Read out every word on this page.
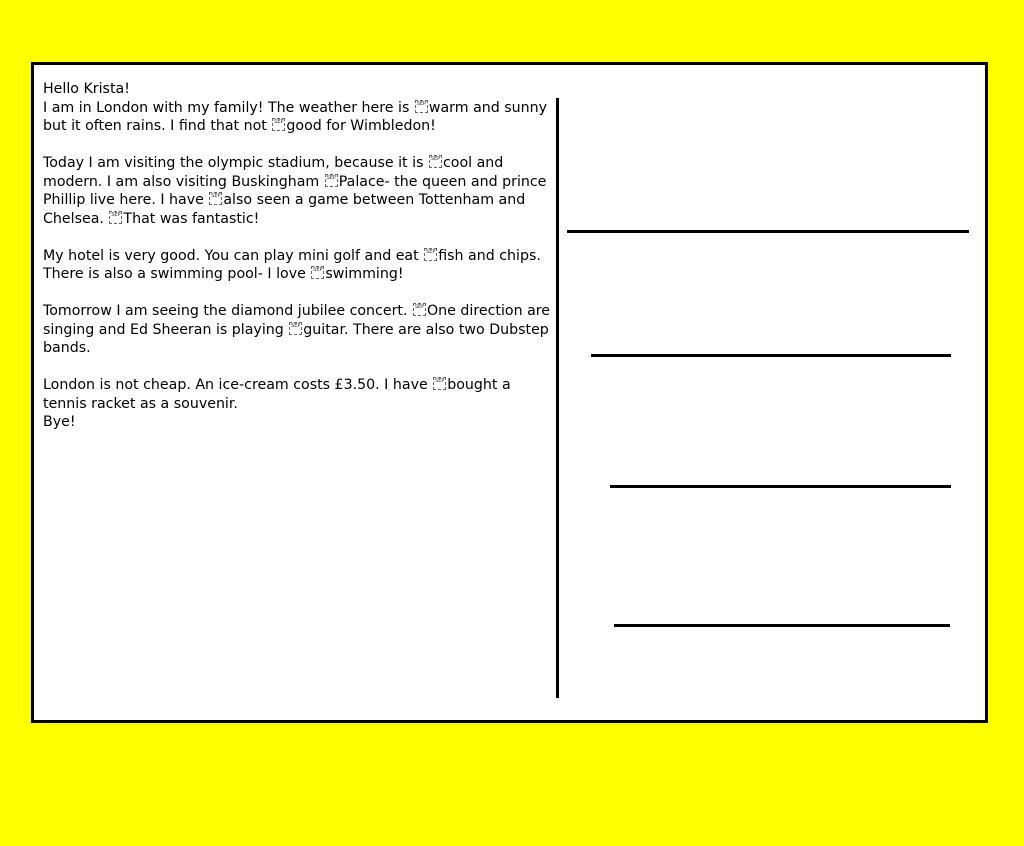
Hello Krista!
I am in London with my family! The weather here is SEP warm and sunny but it often rains. I find that not SEP good for Wimbledon!

Today I am visiting the olympic stadium, because it is SEP cool and modern. I am also visiting Buskingham SEP Palace- the queen and prince Phillip live here. I have SEP also seen a game between Tottenham and Chelsea. SEP That was fantastic!

My hotel is very good. You can play mini golf and eat SEP fish and chips. There is also a swimming pool- I love SEP swimming!

Tomorrow I am seeing the diamond jubilee concert. SEP One direction are singing and Ed Sheeran is playing SEP guitar. There are also two Dubstep bands.

London is not cheap. An ice-cream costs £3.50. I have SEP bought a tennis racket as a souvenir.
Bye!
